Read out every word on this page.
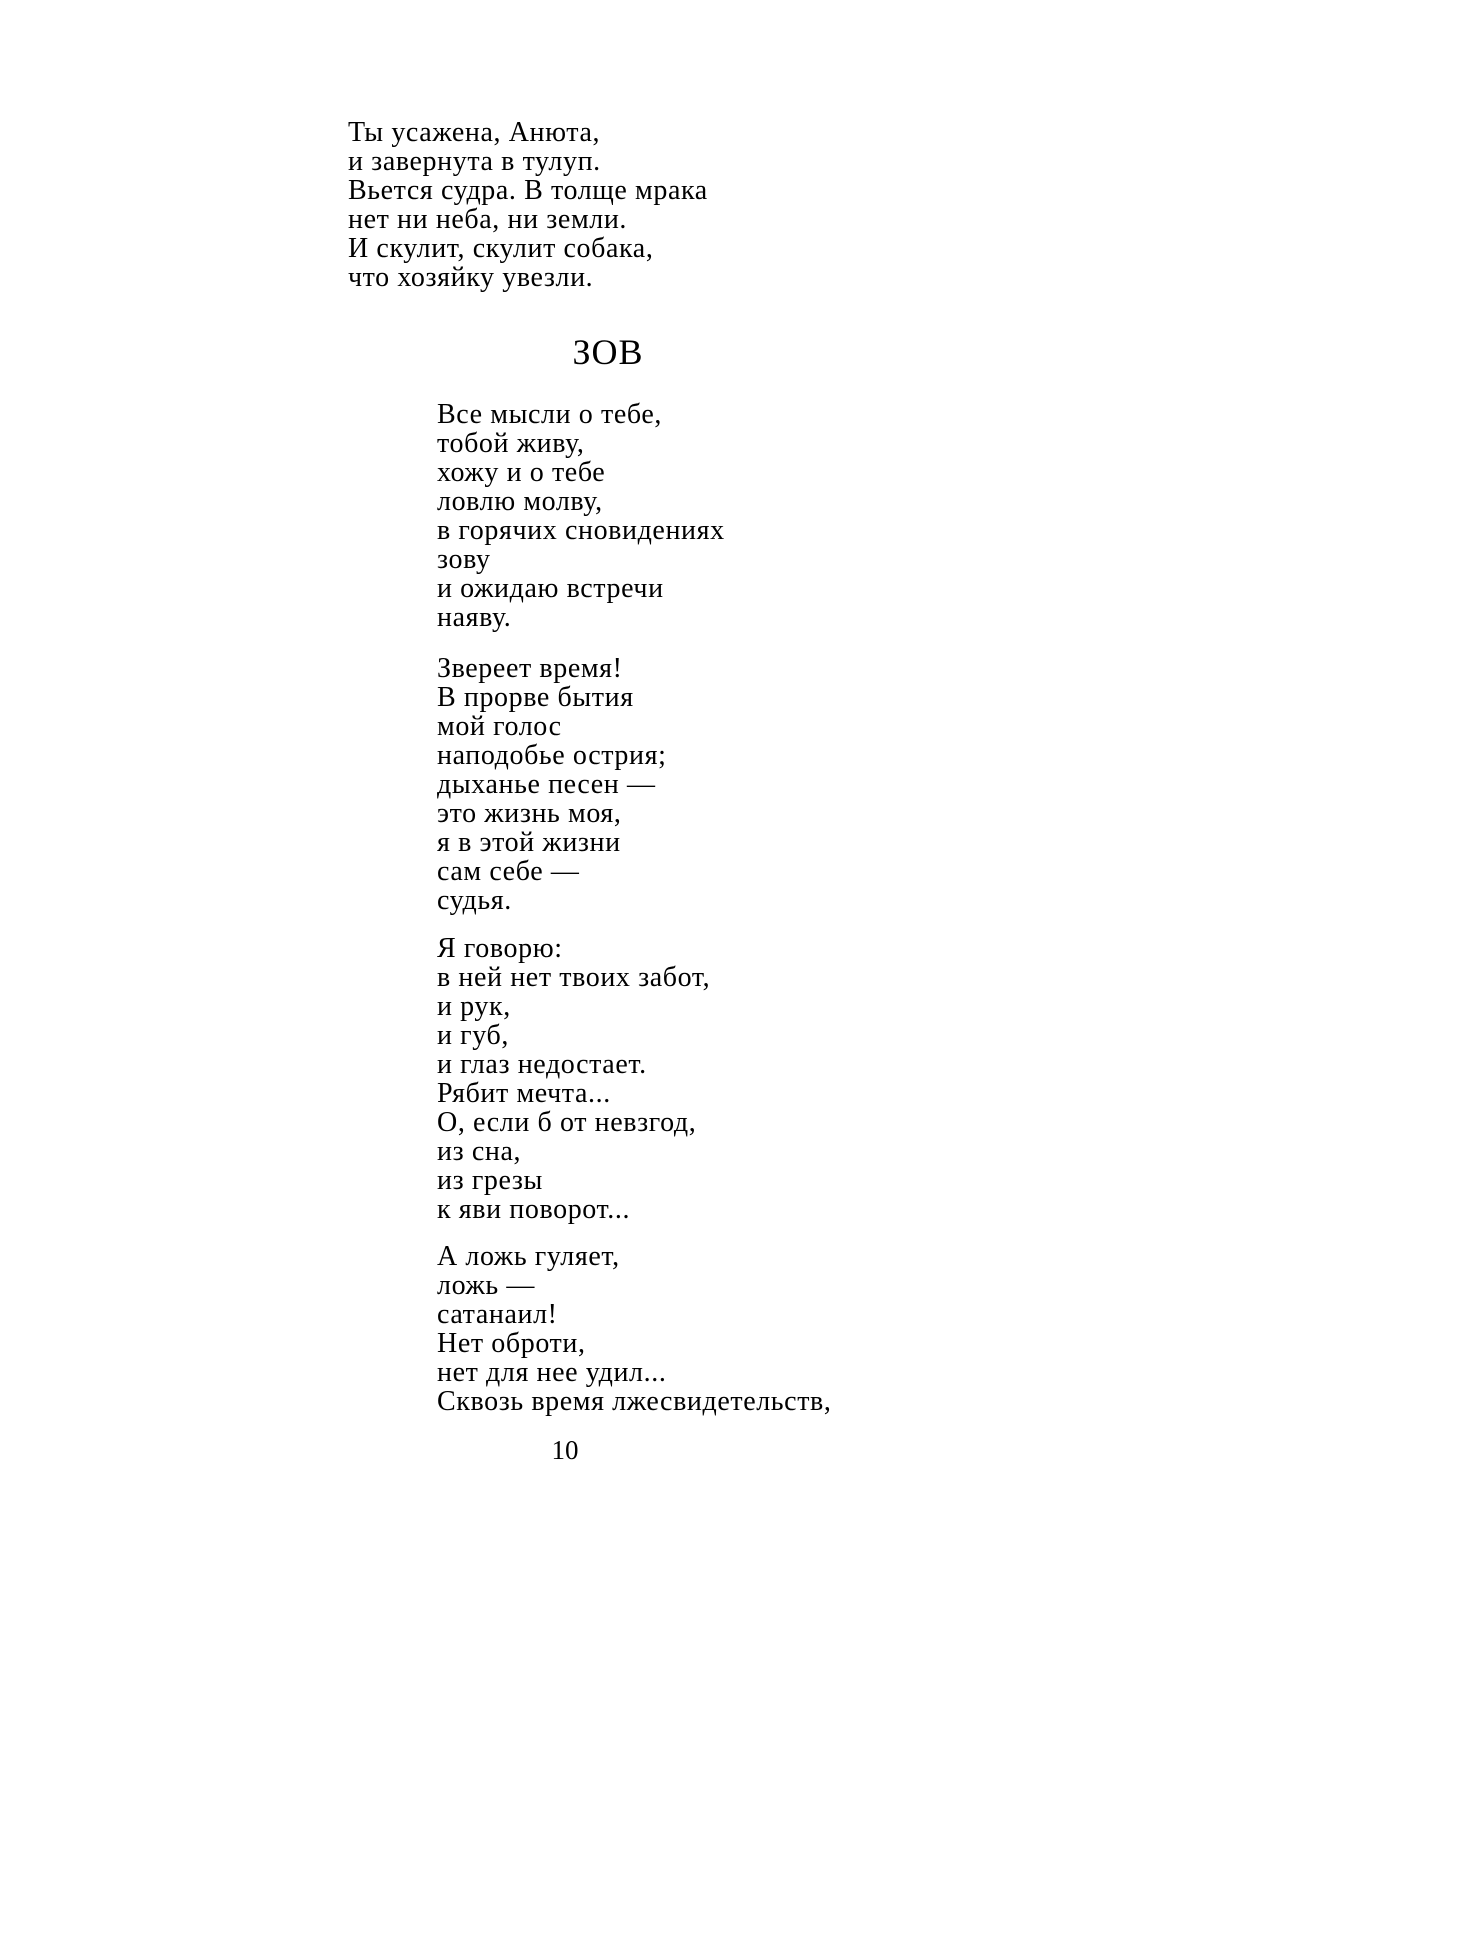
Ты усажена, Анюта,
и завернута в тулуп.
Вьется судра. В толще мрака
нет ни неба, ни земли.
И скулит, скулит собака,
что хозяйку увезли.
ЗОВ
Все мысли о тебе,
тобой живу,
хожу и о тебе
ловлю молву,
в горячих сновидениях
зову
и ожидаю встречи
наяву.
Звереет время!
В прорве бытия
мой голос
наподобье острия;
дыханье песен —
это жизнь моя,
я в этой жизни
сам себе —
судья.
Я говорю:
в ней нет твоих забот,
и рук,
и губ,
и глаз недостает.
Рябит мечта...
О, если б от невзгод,
из сна,
из грезы
к яви поворот...
А ложь гуляет,
ложь —
сатанаил!
Нет оброти,
нет для нее удил...
Сквозь время лжесвидетельств,
10
